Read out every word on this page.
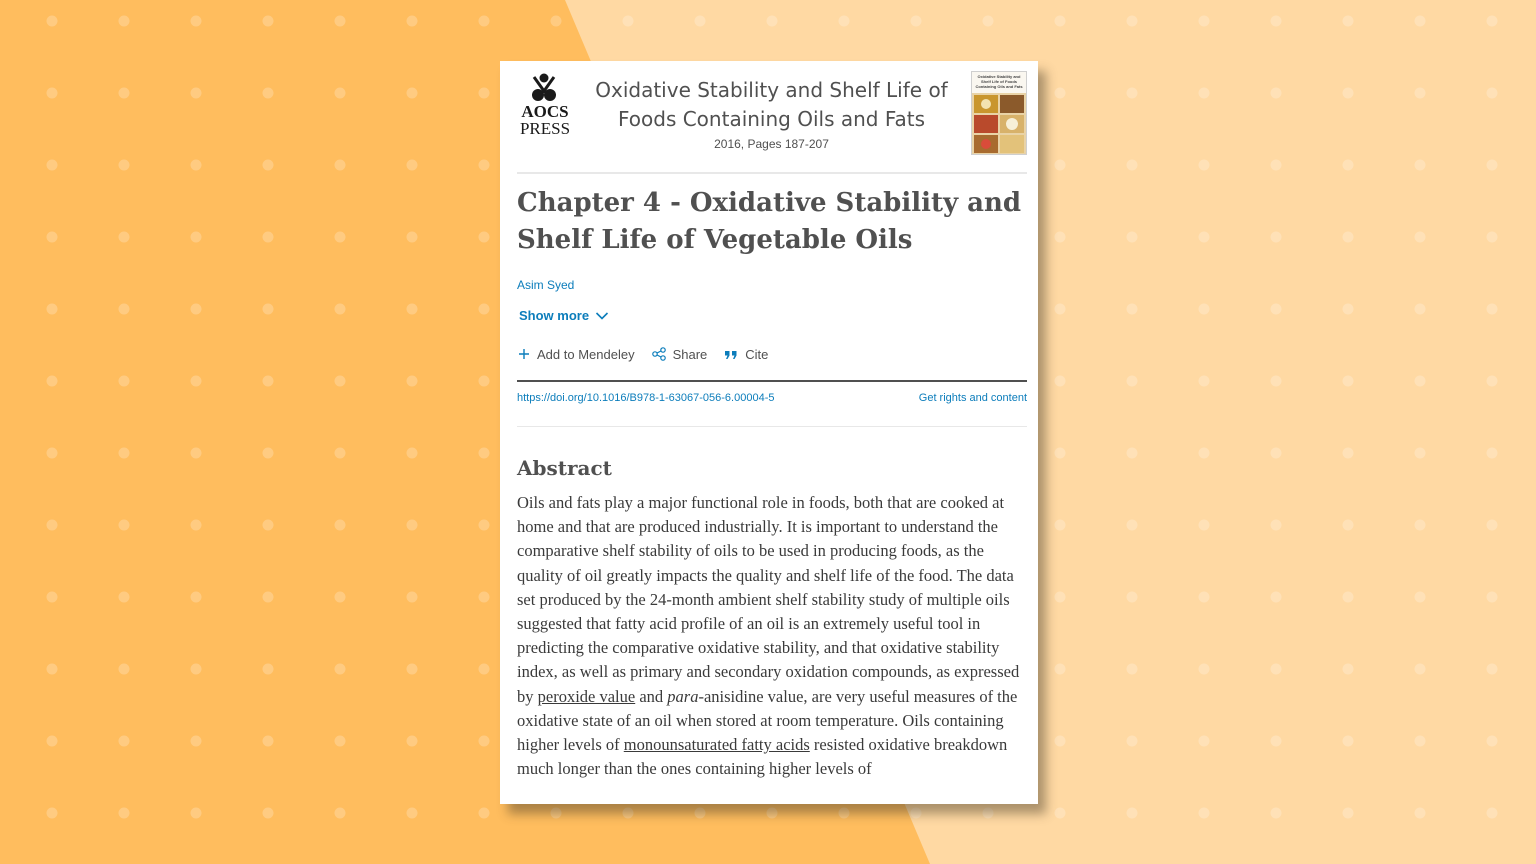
AOCS
PRESS
Oxidative Stability and Shelf Life of Foods Containing Oils and Fats
2016, Pages 187-207
Oxidative Stability and Shelf Life of Foods Containing Oils and Fats
Chapter 4 - Oxidative Stability and Shelf Life of Vegetable Oils
Asim Syed
Show more
Add to Mendeley	Share	Cite
https://doi.org/10.1016/B978-1-63067-056-6.00004-5	Get rights and content
Abstract

Oils and fats play a major functional role in foods, both that are cooked at home and that are produced industrially. It is important to understand the comparative shelf stability of oils to be used in producing foods, as the quality of oil greatly impacts the quality and shelf life of the food. The data set produced by the 24-month ambient shelf stability study of multiple oils suggested that fatty acid profile of an oil is an extremely useful tool in predicting the comparative oxidative stability, and that oxidative stability index, as well as primary and secondary oxidation compounds, as expressed by peroxide value and para-anisidine value, are very useful measures of the oxidative state of an oil when stored at room temperature. Oils containing higher levels of monounsaturated fatty acids resisted oxidative breakdown much longer than the ones containing higher levels of
